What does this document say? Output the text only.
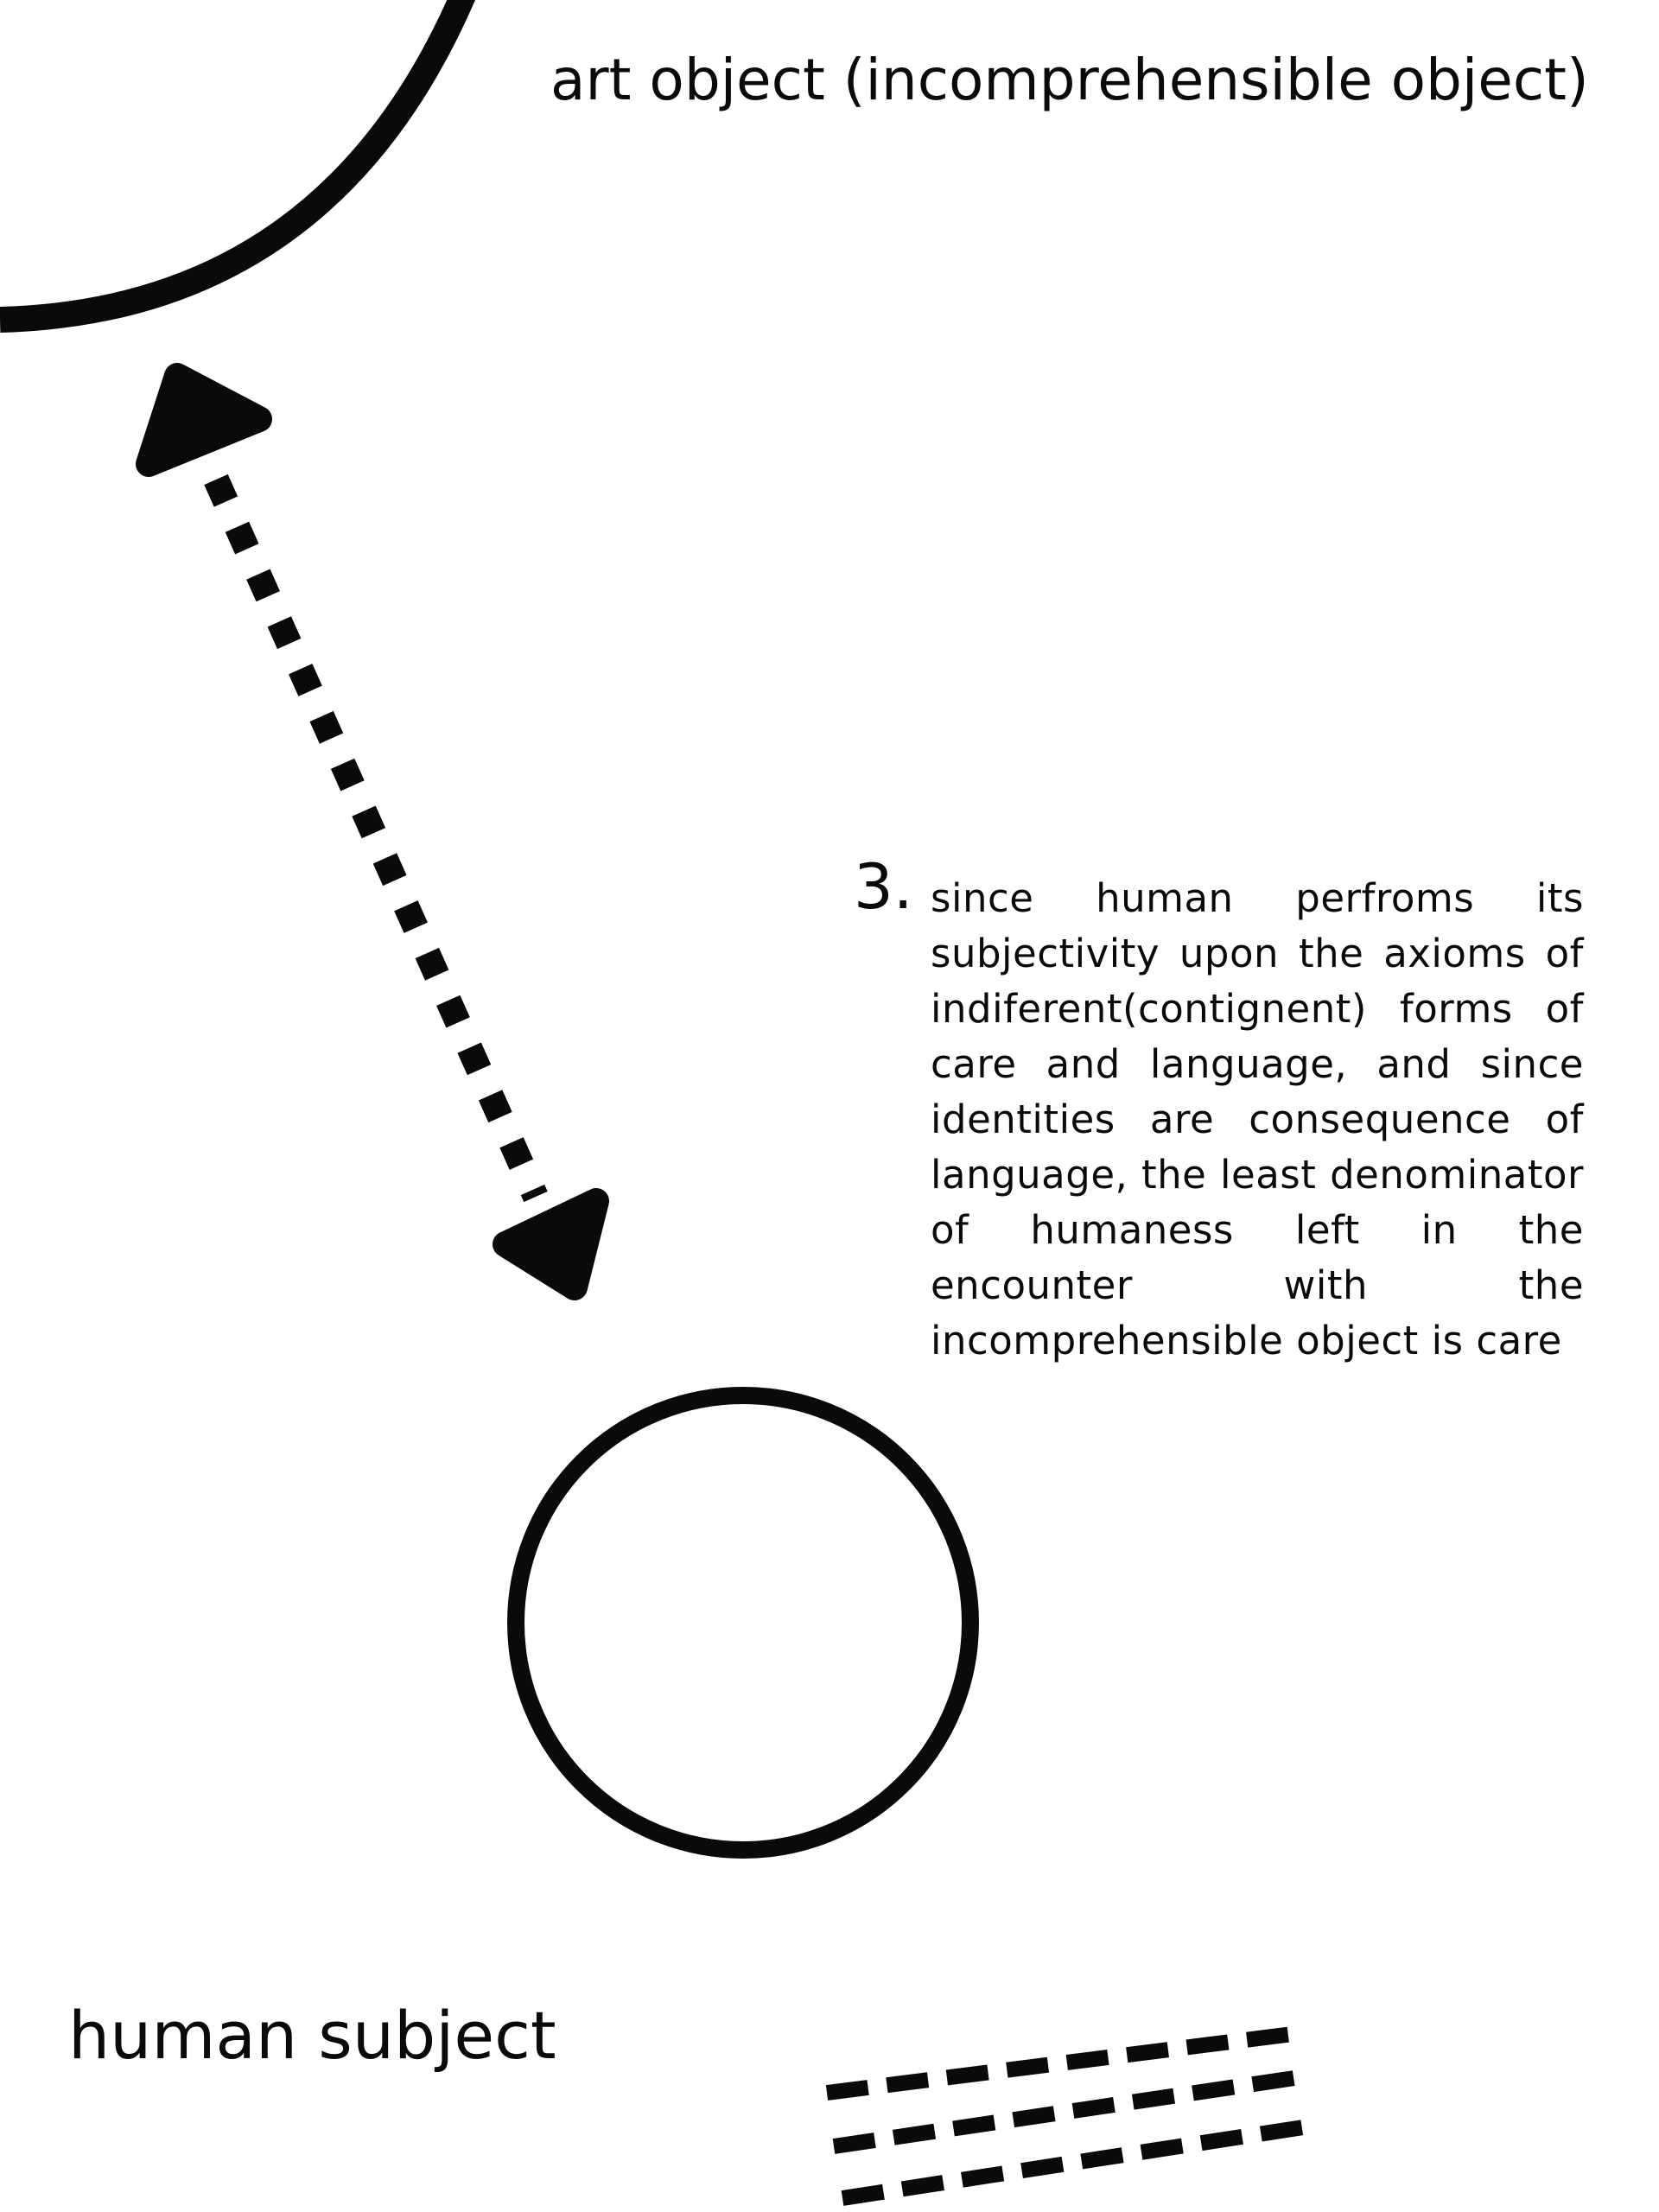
art object (incomprehensible object)
3. since human perfroms its subjectivity upon the axioms of indiferent(contignent) forms of care and language, and since identities are consequence of language, the least denominator of humaness left in the encounter with the incomprehensible object is care
human subject
